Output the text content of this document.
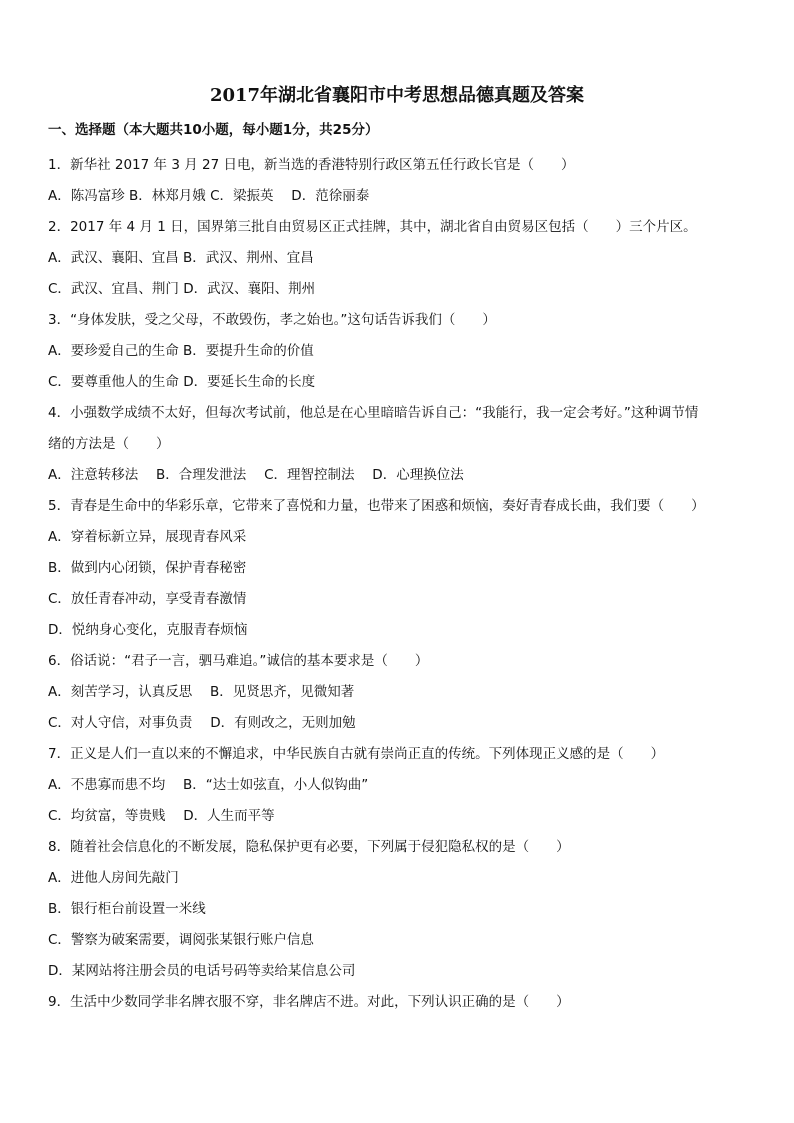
2017年湖北省襄阳市中考思想品德真题及答案
一、选择题（本大题共10小题，每小题1分，共25分）
1．新华社 2017 年 3 月 27 日电，新当选的香港特别行政区第五任行政长官是（　　）
A．陈冯富珍 B．林郑月娥 C．梁振英　 D．范徐丽泰
2．2017 年 4 月 1 日，国界第三批自由贸易区正式挂牌，其中，湖北省自由贸易区包括（　　）三个片区。
A．武汉、襄阳、宜昌 B．武汉、荆州、宜昌
C．武汉、宜昌、荆门 D．武汉、襄阳、荆州
3．“身体发肤，受之父母，不敢毁伤，孝之始也。”这句话告诉我们（　　）
A．要珍爱自己的生命 B．要提升生命的价值
C．要尊重他人的生命 D．要延长生命的长度
4．小强数学成绩不太好，但每次考试前，他总是在心里暗暗告诉自己：“我能行，我一定会考好。”这种调节情
绪的方法是（　　）
A．注意转移法　 B．合理发泄法　 C．理智控制法　 D．心理换位法
5．青春是生命中的华彩乐章，它带来了喜悦和力量，也带来了困惑和烦恼，奏好青春成长曲，我们要（　　）
A．穿着标新立异，展现青春风采
B．做到内心闭锁，保护青春秘密
C．放任青春冲动，享受青春激情
D．悦纳身心变化，克服青春烦恼
6．俗话说：“君子一言，驷马难追。”诚信的基本要求是（　　）
A．刻苦学习，认真反思　 B．见贤思齐，见微知著
C．对人守信，对事负责　 D．有则改之，无则加勉
7．正义是人们一直以来的不懈追求，中华民族自古就有崇尚正直的传统。下列体现正义感的是（　　）
A．不患寡而患不均　 B．“达士如弦直，小人似钩曲”
C．均贫富，等贵贱　 D．人生而平等
8．随着社会信息化的不断发展，隐私保护更有必要，下列属于侵犯隐私权的是（　　）
A．进他人房间先敲门
B．银行柜台前设置一米线
C．警察为破案需要，调阅张某银行账户信息
D．某网站将注册会员的电话号码等卖给某信息公司
9．生活中少数同学非名牌衣服不穿，非名牌店不进。对此，下列认识正确的是（　　）
